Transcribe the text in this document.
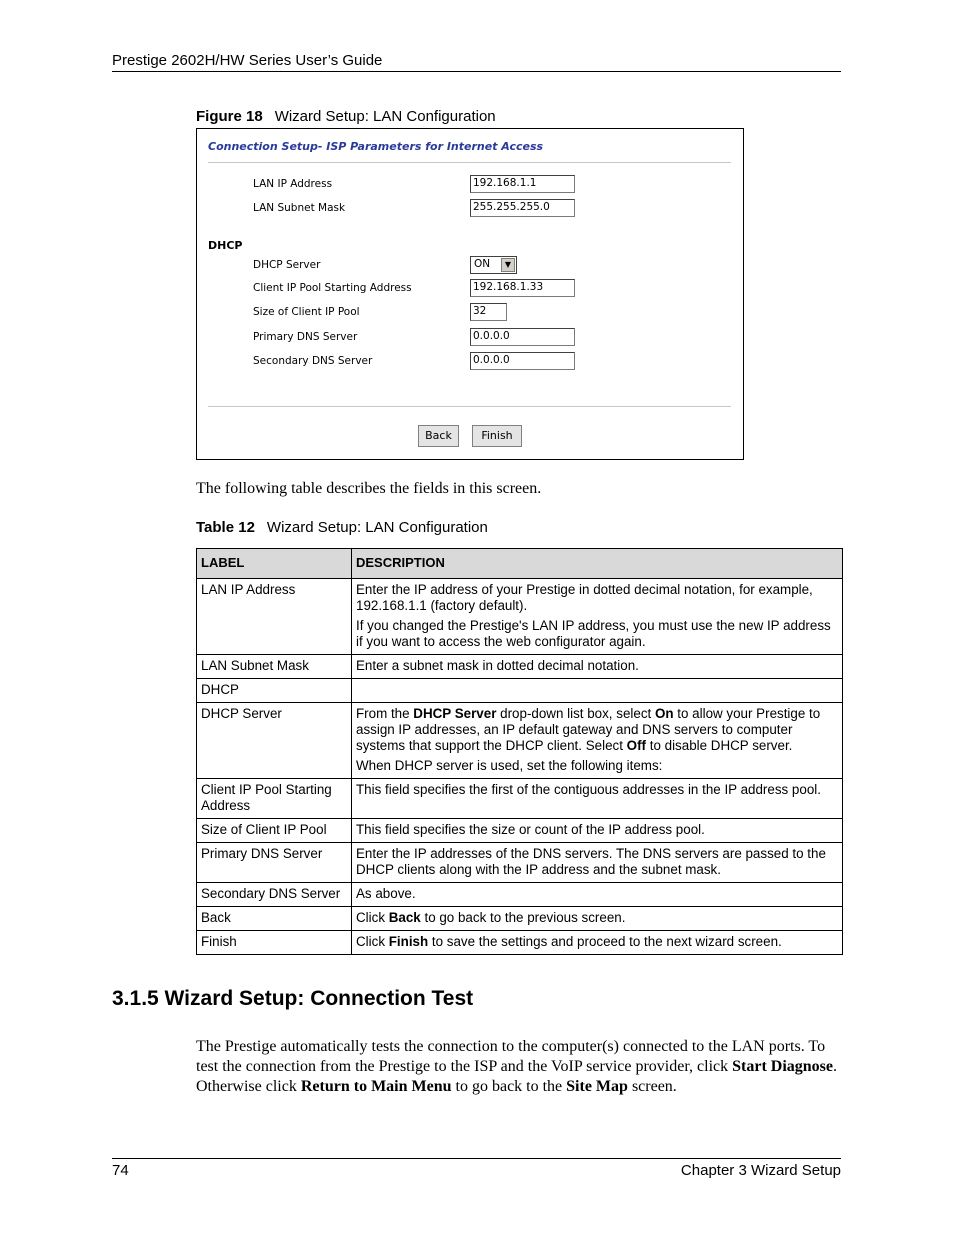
Prestige 2602H/HW Series User’s Guide
Figure 18 Wizard Setup: LAN Configuration
Connection Setup- ISP Parameters for Internet Access
LAN IP Address	192.168.1.1
LAN Subnet Mask	255.255.255.0
DHCP
DHCP Server	ON	▼
Client IP Pool Starting Address	192.168.1.33
Size of Client IP Pool	32
Primary DNS Server	0.0.0.0
Secondary DNS Server	0.0.0.0
Back	Finish
The following table describes the fields in this screen.
Table 12 Wizard Setup: LAN Configuration
LABEL	DESCRIPTION
LAN IP Address	Enter the IP address of your Prestige in dotted decimal notation, for example, 192.168.1.1 (factory default).

If you changed the Prestige's LAN IP address, you must use the new IP address if you want to access the web configurator again.

LAN Subnet Mask	Enter a subnet mask in dotted decimal notation.
DHCP	
DHCP Server	From the DHCP Server drop-down list box, select On to allow your Prestige to assign IP addresses, an IP default gateway and DNS servers to computer systems that support the DHCP client. Select Off to disable DHCP server.

When DHCP server is used, set the following items:

Client IP Pool Starting Address	This field specifies the first of the contiguous addresses in the IP address pool.
Size of Client IP Pool	This field specifies the size or count of the IP address pool.
Primary DNS Server	Enter the IP addresses of the DNS servers. The DNS servers are passed to the DHCP clients along with the IP address and the subnet mask.
Secondary DNS Server	As above.
Back	Click Back to go back to the previous screen.
Finish	Click Finish to save the settings and proceed to the next wizard screen.
3.1.5 Wizard Setup: Connection Test
The Prestige automatically tests the connection to the computer(s) connected to the LAN ports. To test the connection from the Prestige to the ISP and the VoIP service provider, click Start Diagnose. Otherwise click Return to Main Menu to go back to the Site Map screen.
74	Chapter 3 Wizard Setup
